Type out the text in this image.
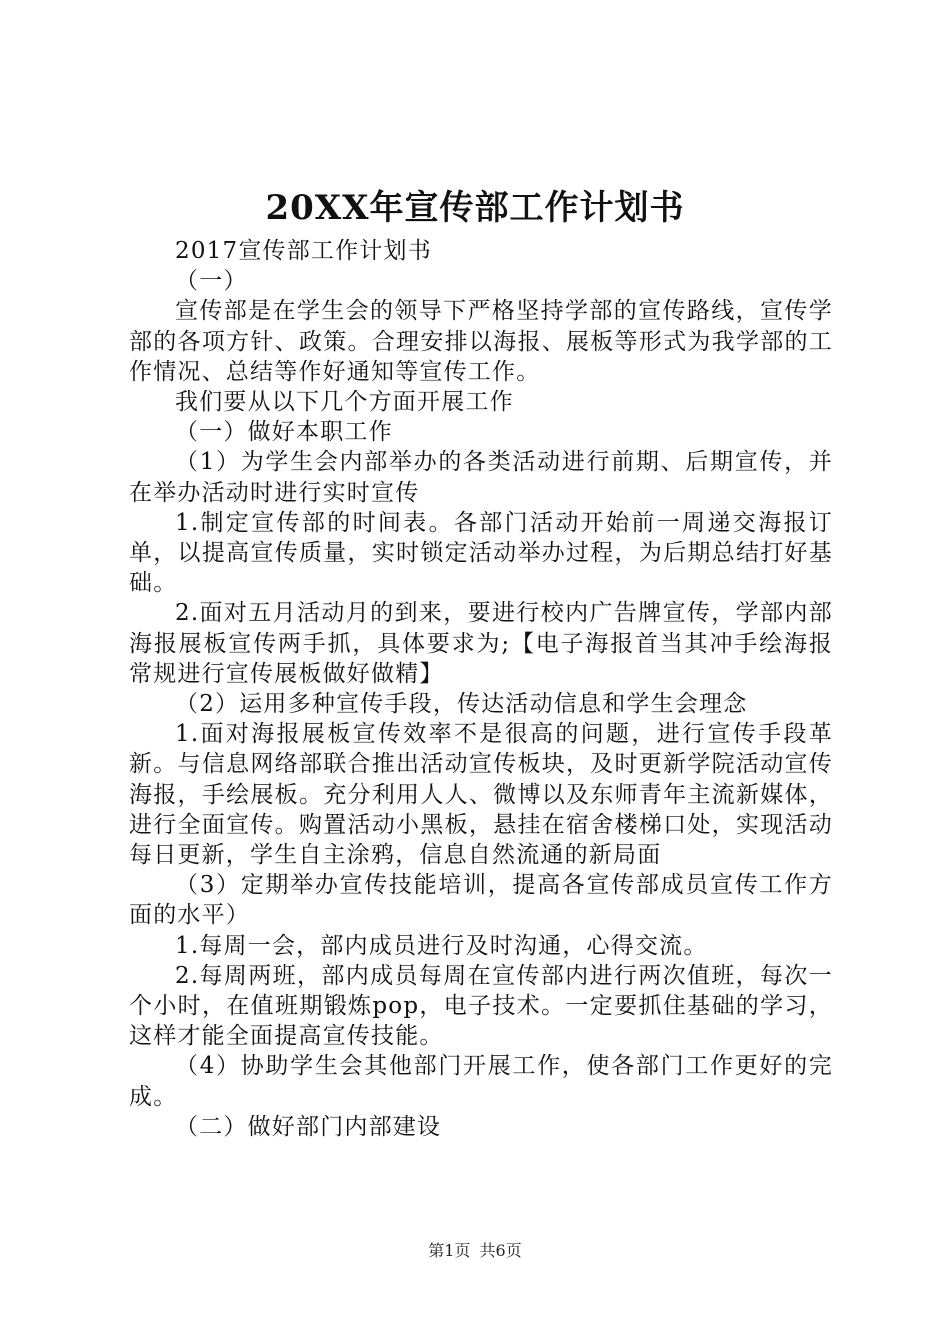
20XX年宣传部工作计划书

2017宣传部工作计划书

（一）

宣传部是在学生会的领导下严格坚持学部的宣传路线，宣传学部的各项方针、政策。合理安排以海报、展板等形式为我学部的工作情况、总结等作好通知等宣传工作。

我们要从以下几个方面开展工作

（一）做好本职工作

（1）为学生会内部举办的各类活动进行前期、后期宣传，并在举办活动时进行实时宣传

1.制定宣传部的时间表。各部门活动开始前一周递交海报订单，以提高宣传质量，实时锁定活动举办过程，为后期总结打好基础。

2.面对五月活动月的到来，要进行校内广告牌宣传，学部内部海报展板宣传两手抓，具体要求为;【电子海报首当其冲手绘海报常规进行宣传展板做好做精】

（2）运用多种宣传手段，传达活动信息和学生会理念

1.面对海报展板宣传效率不是很高的问题，进行宣传手段革新。与信息网络部联合推出活动宣传板块，及时更新学院活动宣传海报，手绘展板。充分利用人人、微博以及东师青年主流新媒体，进行全面宣传。购置活动小黑板，悬挂在宿舍楼梯口处，实现活动每日更新，学生自主涂鸦，信息自然流通的新局面

（3）定期举办宣传技能培训，提高各宣传部成员宣传工作方面的水平）

1.每周一会，部内成员进行及时沟通，心得交流。

2.每周两班，部内成员每周在宣传部内进行两次值班，每次一个小时，在值班期锻炼pop，电子技术。一定要抓住基础的学习，这样才能全面提高宣传技能。

（4）协助学生会其他部门开展工作，使各部门工作更好的完成。

（二）做好部门内部建设

第1页 共6页
